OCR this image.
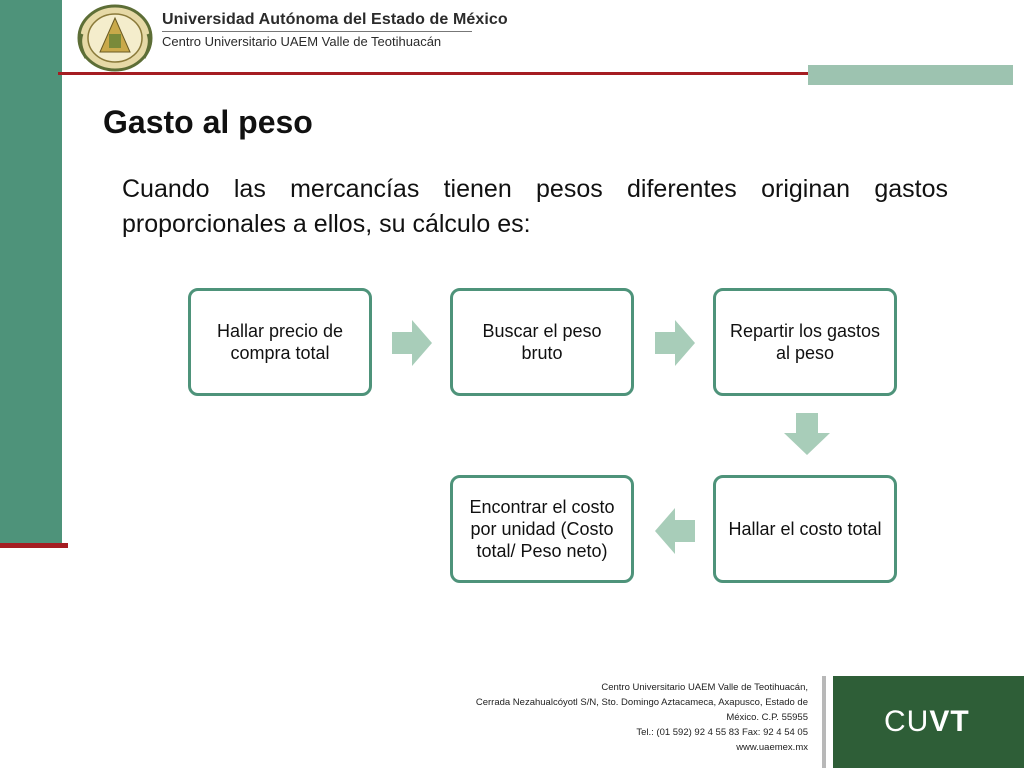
Universidad Autónoma del Estado de México
Centro Universitario UAEM Valle de Teotihuacán
Gasto al peso
Cuando las mercancías tienen pesos diferentes originan gastos proporcionales a ellos, su cálculo es:
Hallar precio de compra total
Buscar el peso bruto
Repartir los gastos al peso
Hallar el costo total
Encontrar el costo por unidad (Costo total/ Peso neto)
Centro Universitario UAEM Valle de Teotihuacán,
Cerrada Nezahualcóyotl S/N, Sto. Domingo Aztacameca, Axapusco, Estado de
México. C.P. 55955
Tel.: (01 592) 92 4 55 83 Fax: 92 4 54 05
www.uaemex.mx
CUVT
